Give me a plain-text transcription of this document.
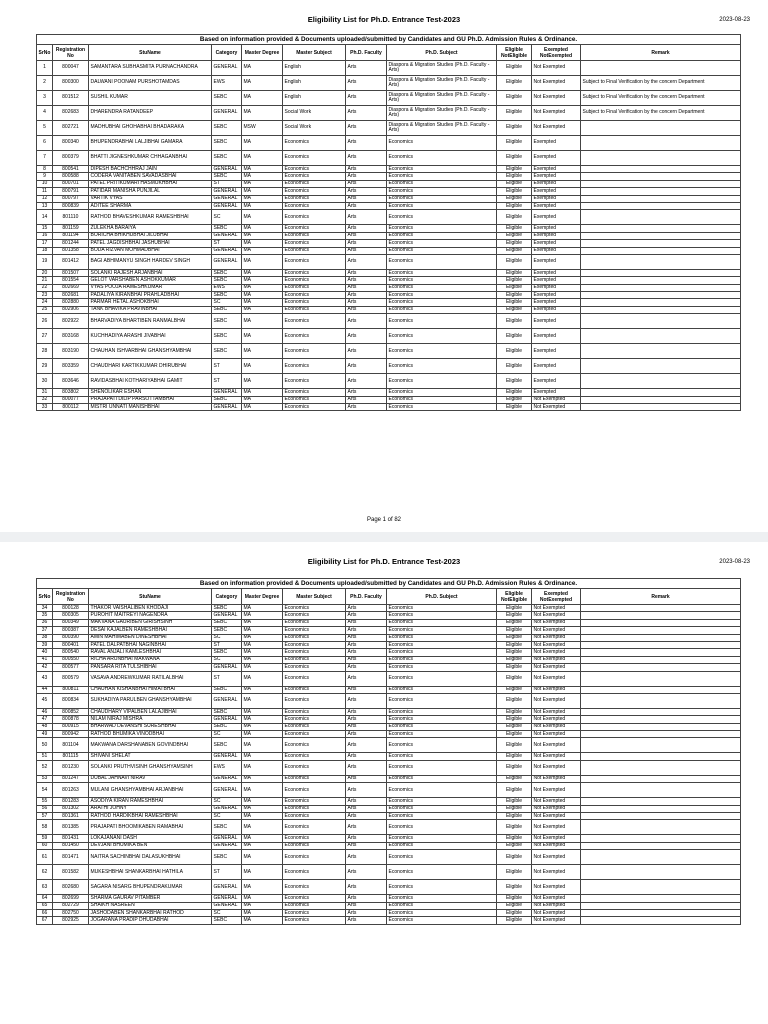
Eligibility List for Ph.D. Entrance Test-2023	2023-08-23
Based on information provided & Documents uploaded/submitted by Candidates and GU Ph.D. Admission Rules & Ordinance.										
SrNo	Registration No	StuName	Category	Master Degree	Master Subject	Ph.D. Faculty	Ph.D. Subject	Eligible NotEligible	Exempted NotExempted	Remark
1	800047	SAMANTARA SUBHASMITA PURNACHANDRA	GENERAL	MA	English	Arts	Diaspora & Migration Studies (Ph.D. Faculty - Arts)	Eligible	Not Exempted	
2	800300	DALWANI POONAM PURSHOTAMDAS	EWS	MA	English	Arts	Diaspora & Migration Studies (Ph.D. Faculty - Arts)	Eligible	Not Exempted	Subject to Final Verification by the concern Department
3	801512	SUSHIL KUMAR	SEBC	MA	English	Arts	Diaspora & Migration Studies (Ph.D. Faculty - Arts)	Eligible	Not Exempted	Subject to Final Verification by the concern Department
4	802683	DHARENDRA RATANDEEP	GENERAL	MA	Social Work	Arts	Diaspora & Migration Studies (Ph.D. Faculty - Arts)	Eligible	Not Exempted	Subject to Final Verification by the concern Department
5	802721	MADHUBHAI GHOHABHAI BHADARAKA	SEBC	MSW	Social Work	Arts	Diaspora & Migration Studies (Ph.D. Faculty - Arts)	Eligible	Not Exempted	
6	800340	BHUPENDRABHAI LALJIBHAI GAMARA	SEBC	MA	Economics	Arts	Economics	Eligible	Exempted	
7	800379	BHATTI JIGNESHKUMAR CHHAGANBHAI	SEBC	MA	Economics	Arts	Economics	Eligible	Exempted	
8	800541	DIPESH BACHCHHRAJ JAIN	GENERAL	MA	Economics	Arts	Economics	Eligible	Exempted	
9	800588	CODERA VANITABEN SAVADASBHAI	SEBC	MA	Economics	Arts	Economics	Eligible	Exempted	
10	800701	PATEL PRITIKUMARI HASMUKHBHAI	ST	MA	Economics	Arts	Economics	Eligible	Exempted	
11	800791	PATIDAR MANISHA PUNJILAL	GENERAL	MA	Economics	Arts	Economics	Eligible	Exempted	
12	800797	VARTIK VYAS	GENERAL	MA	Economics	Arts	Economics	Eligible	Exempted	
13	800839	ADITEE SHARMA	GENERAL	MA	Economics	Arts	Economics	Eligible	Exempted	
14	801110	RATHOD BHAVESHKUMAR RAMESHBHAI	SC	MA	Economics	Arts	Economics	Eligible	Exempted	
15	801159	ZULEKHA BARAIYA	SEBC	MA	Economics	Arts	Economics	Eligible	Exempted	
16	801194	BORICHA BHIKHUBHAI JILUBHAI	GENERAL	MA	Economics	Arts	Economics	Eligible	Exempted	
17	801244	PATEL JAGDISHBHAI JASHUBHAI	ST	MA	Economics	Arts	Economics	Eligible	Exempted	
18	801358	BODA RIZVAN MOHMADBHAI	GENERAL	MA	Economics	Arts	Economics	Eligible	Exempted	
19	801412	BAGI ABHIMANYU SINGH HARDEV SINGH	GENERAL	MA	Economics	Arts	Economics	Eligible	Exempted	
20	801507	SOLANKI RAJESH ARJANBHAI	SEBC	MA	Economics	Arts	Economics	Eligible	Exempted	
21	801554	GELOT VARSHABEN ASHOKKUMAR	SEBC	MA	Economics	Arts	Economics	Eligible	Exempted	
22	802669	VYAS POOJA RAMESHKUMAR	EWS	MA	Economics	Arts	Economics	Eligible	Exempted	
23	802681	PADALIYA KIRANBHAI PRAHLADBHAI	SEBC	MA	Economics	Arts	Economics	Eligible	Exempted	
24	802880	PARMAR HETAL ASHOKBHAI	SC	MA	Economics	Arts	Economics	Eligible	Exempted	
25	802906	TANK BHAVIKA PRAVINBHAI	SEBC	MA	Economics	Arts	Economics	Eligible	Exempted	
26	802922	BHARVADIYA BHARTIBEN RANMALBHAI	SEBC	MA	Economics	Arts	Economics	Eligible	Exempted	
27	803168	KUCHHADIYA ARASHI JIVABHAI	SEBC	MA	Economics	Arts	Economics	Eligible	Exempted	
28	803190	CHAUHAN ISHVARBHAI GHANSHYAMBHAI	SEBC	MA	Economics	Arts	Economics	Eligible	Exempted	
29	803359	CHAUDHARI KARTIKKUMAR DHIRUBHAI	ST	MA	Economics	Arts	Economics	Eligible	Exempted	
30	803646	RAVIDASBHAI KOTHARIYABHAI GAMIT	ST	MA	Economics	Arts	Economics	Eligible	Exempted	
31	803802	SHENOLIKAR ESHAN	GENERAL	MA	Economics	Arts	Economics	Eligible	Exempted	
32	800077	PRAJAPATI DILIP PARSOTTAMBHAI	SEBC	MA	Economics	Arts	Economics	Eligible	Not Exempted	
33	800112	MISTRI UNNATI MANISHBHAI	GENERAL	MA	Economics	Arts	Economics	Eligible	Not Exempted	
Page 1 of 82
Eligibility List for Ph.D. Entrance Test-2023	2023-08-23
Based on information provided & Documents uploaded/submitted by Candidates and GU Ph.D. Admission Rules & Ordinance.										
SrNo	Registration No	StuName	Category	Master Degree	Master Subject	Ph.D. Faculty	Ph.D. Subject	Eligible NotEligible	Exempted NotExempted	Remark
34	800128	THAKOR VAISHALIBEN KHODAJI	SEBC	MA	Economics	Arts	Economics	Eligible	Not Exempted	
35	800305	PUROHIT MAITREYI NAGENDRA	GENERAL	MA	Economics	Arts	Economics	Eligible	Not Exempted	
36	800349	MAKVANA GAURIBEN GIRISHSINH	SEBC	MA	Economics	Arts	Economics	Eligible	Not Exempted	
37	800387	DESAI KAJALBEN RAMESHBHAI	SEBC	MA	Economics	Arts	Economics	Eligible	Not Exempted	
38	800390	AMIN MAHIMABEN DINESHBHAI	SC	MA	Economics	Arts	Economics	Eligible	Not Exempted	
39	800401	PATEL DALPATBHAI NAGINBHAI	ST	MA	Economics	Arts	Economics	Eligible	Not Exempted	
40	800540	RAVAL ANJALI KAMLESHBHAI	SEBC	MA	Economics	Arts	Economics	Eligible	Not Exempted	
41	800550	RICHA ARUNBHAI MAKWANA	SC	MA	Economics	Arts	Economics	Eligible	Not Exempted	
42	800577	PANSARA RITA TULSHIBHAI	GENERAL	MA	Economics	Arts	Economics	Eligible	Not Exempted	
43	800579	VASAVA ANDREWKUMAR RATILALBHAI	ST	MA	Economics	Arts	Economics	Eligible	Not Exempted	
44	800811	CHAUHAN KISHANBHAI HIMATBHAI	SEBC	MA	Economics	Arts	Economics	Eligible	Not Exempted	
45	800834	SUKHADIYA PARULBEN GHANSHYAMBHAI	GENERAL	MA	Economics	Arts	Economics	Eligible	Not Exempted	
46	800852	CHAUDHARY VIPALBEN LALAJIBHAI	SEBC	MA	Economics	Arts	Economics	Eligible	Not Exempted	
47	800878	NILAM NIRAJ MISHRA	GENERAL	MA	Economics	Arts	Economics	Eligible	Not Exempted	
48	800915	BHARWAD DEVANSHI SURESHBHAI	SEBC	MA	Economics	Arts	Economics	Eligible	Not Exempted	
49	800942	RATHOD BHUMIKA VINODBHAI	SC	MA	Economics	Arts	Economics	Eligible	Not Exempted	
50	801104	MAKWANA DARSHANABEN GOVINDBHAI	SEBC	MA	Economics	Arts	Economics	Eligible	Not Exempted	
51	801115	SHIVANI SHELAT	GENERAL	MA	Economics	Arts	Economics	Eligible	Not Exempted	
52	801230	SOLANKI PRUTHVISINH GHANSHYAMSINH	EWS	MA	Economics	Arts	Economics	Eligible	Not Exempted	
53	801247	DUBAL JAHNAVI NIRAV	GENERAL	MA	Economics	Arts	Economics	Eligible	Not Exempted	
54	801263	MULANI GHANSHYAMBHAI ARJANBHAI	GENERAL	MA	Economics	Arts	Economics	Eligible	Not Exempted	
55	801283	ASODIYA KIRAN RAMESHBHAI	SC	MA	Economics	Arts	Economics	Eligible	Not Exempted	
56	801302	ARATHI JOHNY	GENERAL	MA	Economics	Arts	Economics	Eligible	Not Exempted	
57	801361	RATHOD HARDIKBHAI RAMESHBHAI	SC	MA	Economics	Arts	Economics	Eligible	Not Exempted	
58	801385	PRAJAPATI BHOOMIKABEN RAMABHAI	SEBC	MA	Economics	Arts	Economics	Eligible	Not Exempted	
59	801431	LOKAJANANI DASH	GENERAL	MA	Economics	Arts	Economics	Eligible	Not Exempted	
60	801450	DEVJANI BHUMIKA BEN	GENERAL	MA	Economics	Arts	Economics	Eligible	Not Exempted	
61	801471	NAITRA SACHINBHAI DALASUKHBHAI	SEBC	MA	Economics	Arts	Economics	Eligible	Not Exempted	
62	801582	MUKESHBHAI SHANKARBHAI HATHILA	ST	MA	Economics	Arts	Economics	Eligible	Not Exempted	
63	802680	SAGARA NISARG BHUPENDRAKUMAR	GENERAL	MA	Economics	Arts	Economics	Eligible	Not Exempted	
64	802699	SHARMA GAURAV PITAMBER	GENERAL	MA	Economics	Arts	Economics	Eligible	Not Exempted	
65	802729	SHAIKH NASREEN	GENERAL	MA	Economics	Arts	Economics	Eligible	Not Exempted	
66	802750	JASHODABEN SHANKARBHAI RATHOD	SC	MA	Economics	Arts	Economics	Eligible	Not Exempted	
67	802925	JOGARANA PRADIP DHUDABHAI	SEBC	MA	Economics	Arts	Economics	Eligible	Not Exempted	
